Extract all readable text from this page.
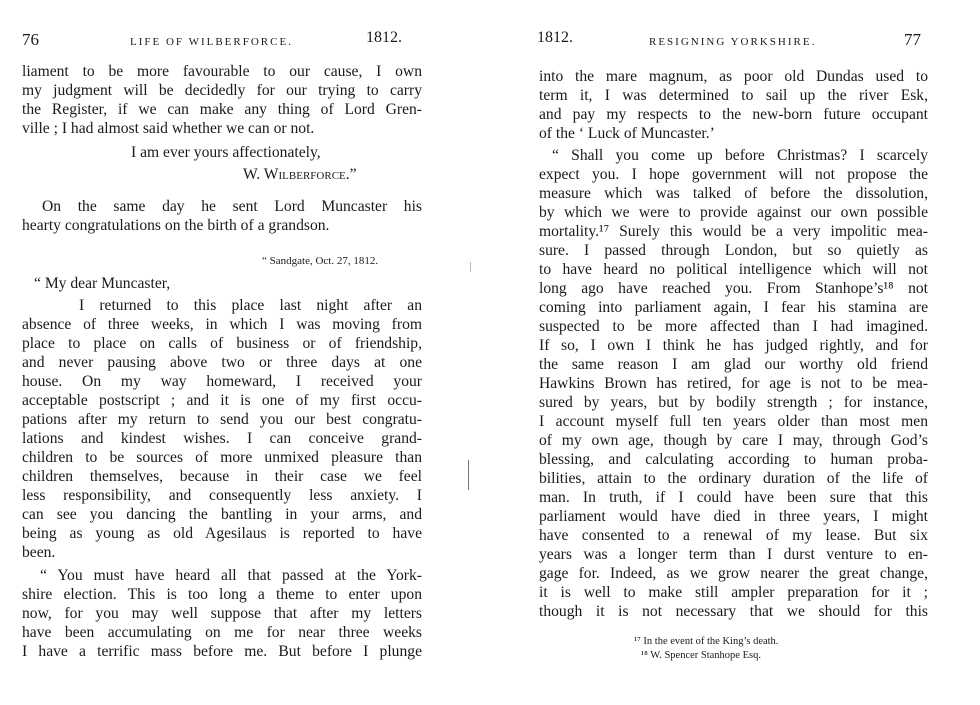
76	LIFE OF WILBERFORCE.	1812.
liament to be more favourable to our cause, I own
my judgment will be decidedly for our trying to carry
the Register, if we can make any thing of Lord Gren-
ville ; I had almost said whether we can or not.
I am ever yours affectionately,
W. Wilberforce.”
On the same day he sent Lord Muncaster his
hearty congratulations on the birth of a grandson.
“ Sandgate, Oct. 27, 1812.
“ My dear Muncaster,
I returned to this place last night after an
absence of three weeks, in which I was moving from
place to place on calls of business or of friendship,
and never pausing above two or three days at one
house. On my way homeward, I received your
acceptable postscript ; and it is one of my first occu-
pations after my return to send you our best congratu-
lations and kindest wishes. I can conceive grand-
children to be sources of more unmixed pleasure than
children themselves, because in their case we feel
less responsibility, and consequently less anxiety. I
can see you dancing the bantling in your arms, and
being as young as old Agesilaus is reported to have
been.
“ You must have heard all that passed at the York-
shire election. This is too long a theme to enter upon
now, for you may well suppose that after my letters
have been accumulating on me for near three weeks
I have a terrific mass before me. But before I plunge
1812.	RESIGNING YORKSHIRE.	77
into the mare magnum, as poor old Dundas used to
term it, I was determined to sail up the river Esk,
and pay my respects to the new-born future occupant
of the ‘ Luck of Muncaster.’
“ Shall you come up before Christmas? I scarcely
expect you. I hope government will not propose the
measure which was talked of before the dissolution,
by which we were to provide against our own possible
mortality.¹⁷ Surely this would be a very impolitic mea-
sure. I passed through London, but so quietly as
to have heard no political intelligence which will not
long ago have reached you. From Stanhope’s¹⁸ not
coming into parliament again, I fear his stamina are
suspected to be more affected than I had imagined.
If so, I own I think he has judged rightly, and for
the same reason I am glad our worthy old friend
Hawkins Brown has retired, for age is not to be mea-
sured by years, but by bodily strength ; for instance,
I account myself full ten years older than most men
of my own age, though by care I may, through God’s
blessing, and calculating according to human proba-
bilities, attain to the ordinary duration of the life of
man. In truth, if I could have been sure that this
parliament would have died in three years, I might
have consented to a renewal of my lease. But six
years was a longer term than I durst venture to en-
gage for. Indeed, as we grow nearer the great change,
it is well to make still ampler preparation for it ;
though it is not necessary that we should for this
¹⁷ In the event of the King’s death.
¹⁸ W. Spencer Stanhope Esq.
